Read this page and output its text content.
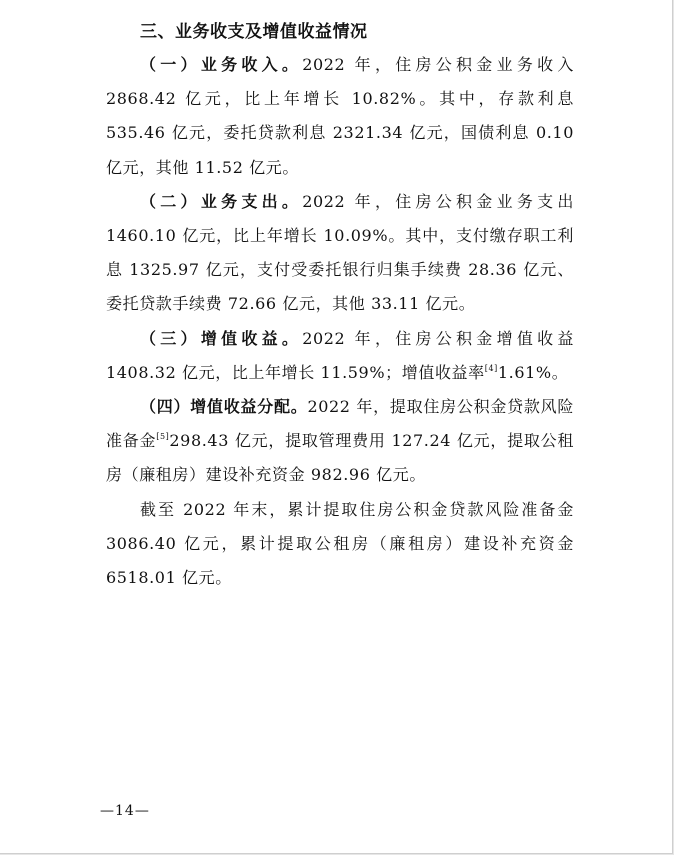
三、业务收支及增值收益情况

（一）业务收入。2022 年，住房公积金业务收入 2868.42 亿元，比上年增长 10.82%。其中，存款利息 535.46 亿元，委托贷款利息 2321.34 亿元，国债利息 0.10 亿元，其他 11.52 亿元。

（二）业务支出。2022 年，住房公积金业务支出 1460.10 亿元，比上年增长 10.09%。其中，支付缴存职工利息 1325.97 亿元，支付受委托银行归集手续费 28.36 亿元、委托贷款手续费 72.66 亿元，其他 33.11 亿元。

（三）增值收益。2022 年，住房公积金增值收益 1408.32 亿元，比上年增长 11.59%；增值收益率[4]1.61%。

（四）增值收益分配。2022 年，提取住房公积金贷款风险准备金[5]298.43 亿元，提取管理费用 127.24 亿元，提取公租房（廉租房）建设补充资金 982.96 亿元。

截至 2022 年末，累计提取住房公积金贷款风险准备金 3086.40 亿元，累计提取公租房（廉租房）建设补充资金 6518.01 亿元。

—14—
